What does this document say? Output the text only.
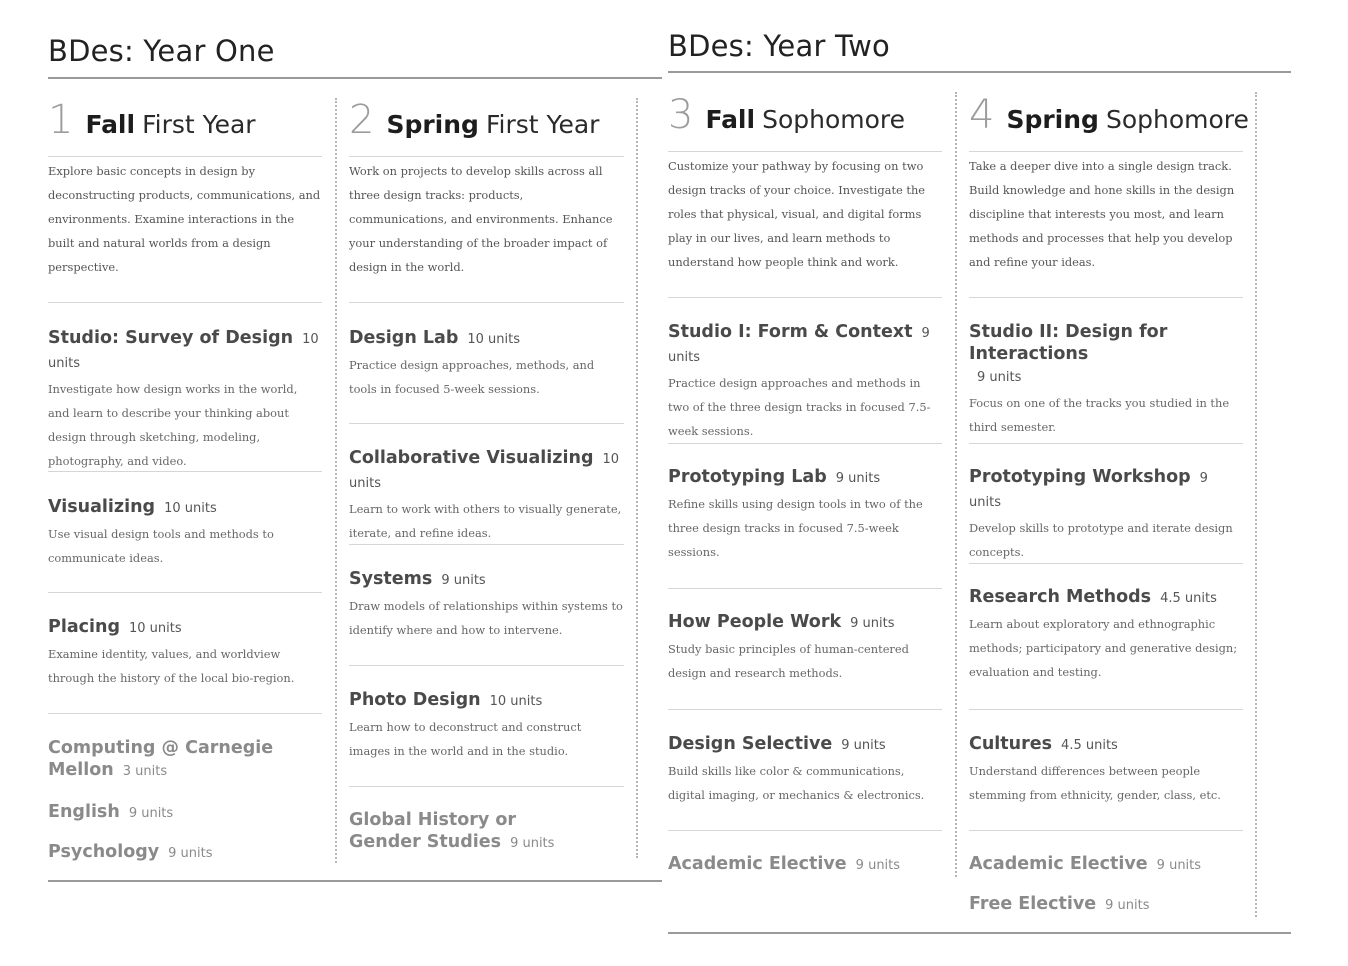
BDes: Year One
1 Fall First Year

Explore basic concepts in design by deconstructing products, communications, and environments. Examine interactions in the built and natural worlds from a design perspective.

Studio: Survey of Design 10 units

Investigate how design works in the world, and learn to describe your thinking about design through sketching, modeling, photography, and video.

Visualizing 10 units

Use visual design tools and methods to communicate ideas.

Placing 10 units

Examine identity, values, and worldview through the history of the local bio-region.

Computing @ Carnegie Mellon 3 units
English 9 units
Psychology 9 units
2 Spring First Year

Work on projects to develop skills across all three design tracks: products, communications, and environments. Enhance your understanding of the broader impact of design in the world.

Design Lab 10 units

Practice design approaches, methods, and tools in focused 5-week sessions.

Collaborative Visualizing 10 units

Learn to work with others to visually generate, iterate, and refine ideas.

Systems 9 units

Draw models of relationships within systems to identify where and how to intervene.

Photo Design 10 units

Learn how to deconstruct and construct images in the world and in the studio.

Global History or Gender Studies 9 units
BDes: Year Two
3 Fall Sophomore

Customize your pathway by focusing on two design tracks of your choice. Investigate the roles that physical, visual, and digital forms play in our lives, and learn methods to understand how people think and work.

Studio I: Form & Context 9 units

Practice design approaches and methods in two of the three design tracks in focused 7.5-week sessions.

Prototyping Lab 9 units

Refine skills using design tools in two of the three design tracks in focused 7.5-week sessions.

How People Work 9 units

Study basic principles of human-centered design and research methods.

Design Selective 9 units

Build skills like color & communications, digital imaging, or mechanics & electronics.

Academic Elective 9 units
4 Spring Sophomore

Take a deeper dive into a single design track. Build knowledge and hone skills in the design discipline that interests you most, and learn methods and processes that help you develop and refine your ideas.

Studio II: Design for Interactions
9 units

Focus on one of the tracks you studied in the third semester.

Prototyping Workshop 9 units

Develop skills to prototype and iterate design concepts.

Research Methods 4.5 units

Learn about exploratory and ethnographic methods; participatory and generative design; evaluation and testing.

Cultures 4.5 units

Understand differences between people stemming from ethnicity, gender, class, etc.

Academic Elective 9 units
Free Elective 9 units
